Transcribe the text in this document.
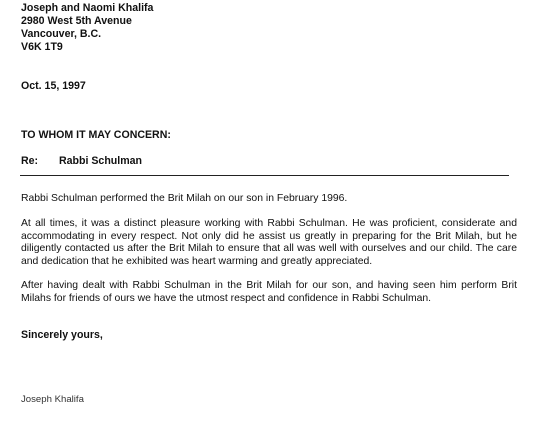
Joseph and Naomi Khalifa
2980 West 5th Avenue
Vancouver, B.C.
V6K 1T9
Oct. 15, 1997
TO WHOM IT MAY CONCERN:
Re: Rabbi Schulman
Rabbi Schulman performed the Brit Milah on our son in February 1996.
At all times, it was a distinct pleasure working with Rabbi Schulman. He was proficient, considerate and accommodating in every respect. Not only did he assist us greatly in preparing for the Brit Milah, but he diligently contacted us after the Brit Milah to ensure that all was well with ourselves and our child. The care and dedication that he exhibited was heart warming and greatly appreciated.
After having dealt with Rabbi Schulman in the Brit Milah for our son, and having seen him perform Brit Milahs for friends of ours we have the utmost respect and confidence in Rabbi Schulman.
Sincerely yours,
Joseph Khalifa
